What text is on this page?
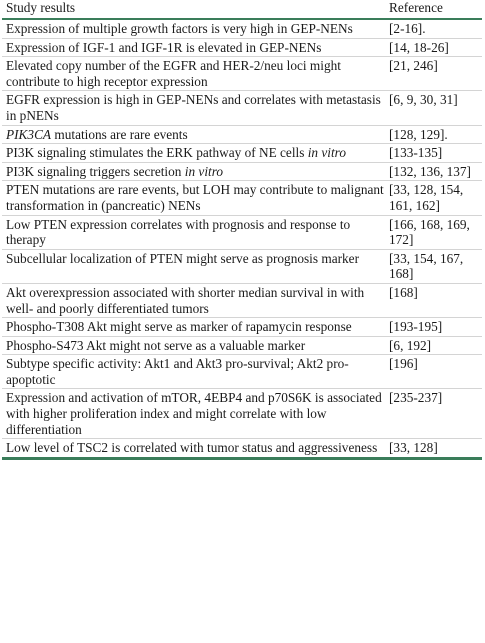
Study results	Reference
Expression of multiple growth factors is very high in GEP-NENs	[2-16].
Expression of IGF-1 and IGF-1R is elevated in GEP-NENs	[14, 18-26]
Elevated copy number of the EGFR and HER-2/neu loci might contribute to high receptor expression	[21, 246]
EGFR expression is high in GEP-NENs and correlates with metastasis in pNENs	[6, 9, 30, 31]
PIK3CA mutations are rare events	[128, 129].
PI3K signaling stimulates the ERK pathway of NE cells in vitro	[133-135]
PI3K signaling triggers secretion in vitro	[132, 136, 137]
PTEN mutations are rare events, but LOH may contribute to malignant transformation in (pancreatic) NENs	[33, 128, 154, 161, 162]
Low PTEN expression correlates with prognosis and response to therapy	[166, 168, 169, 172]
Subcellular localization of PTEN might serve as prognosis marker	[33, 154, 167, 168]
Akt overexpression associated with shorter median survival in with well- and poorly differentiated tumors	[168]
Phospho-T308 Akt might serve as marker of rapamycin response	[193-195]
Phospho-S473 Akt might not serve as a valuable marker	[6, 192]
Subtype specific activity: Akt1 and Akt3 pro-survival; Akt2 pro-apoptotic	[196]
Expression and activation of mTOR, 4EBP4 and p70S6K is associated with higher proliferation index and might correlate with low differentiation	[235-237]
Low level of TSC2 is correlated with tumor status and aggressiveness	[33, 128]
